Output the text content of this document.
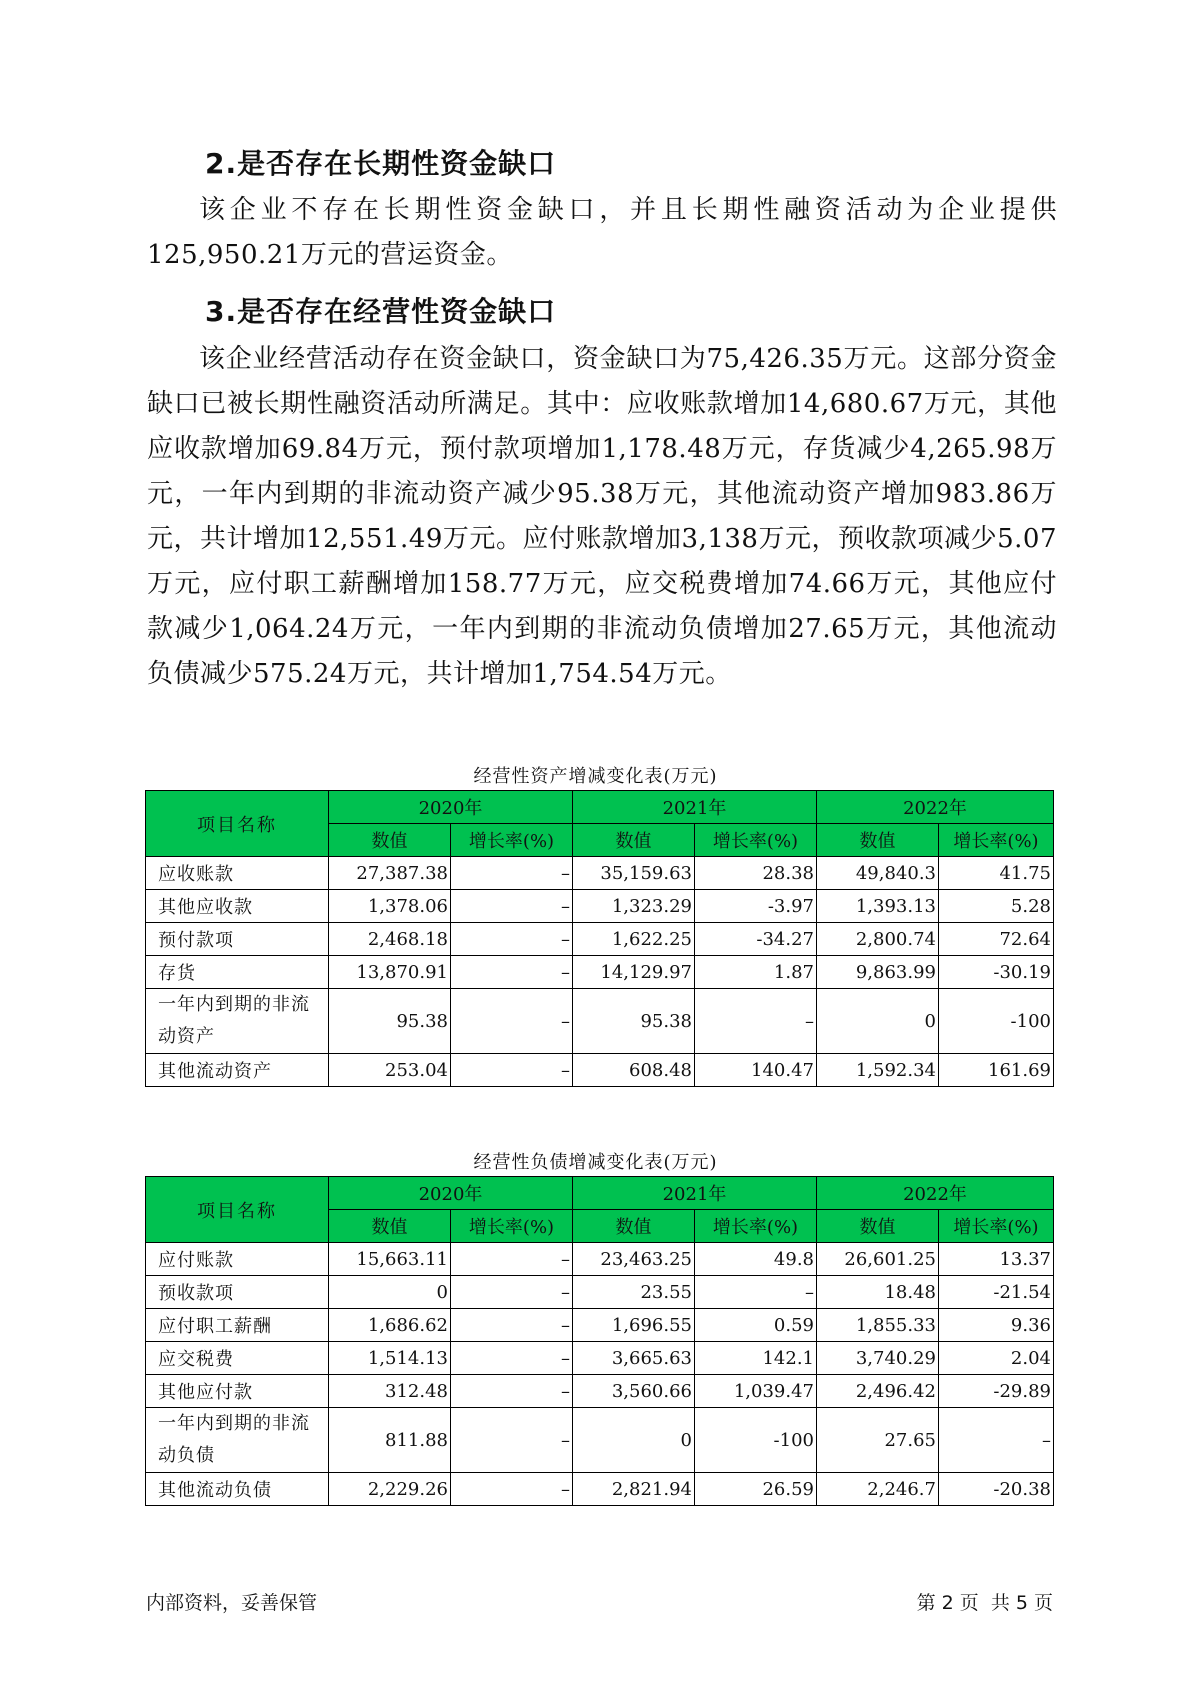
2.是否存在长期性资金缺口
该企业不存在长期性资金缺口，并且长期性融资活动为企业提供125,950.21万元的营运资金。
3.是否存在经营性资金缺口
该企业经营活动存在资金缺口，资金缺口为75,426.35万元。这部分资金缺口已被长期性融资活动所满足。其中：应收账款增加14,680.67万元，其他应收款增加69.84万元，预付款项增加1,178.48万元，存货减少4,265.98万元，一年内到期的非流动资产减少95.38万元，其他流动资产增加983.86万元，共计增加12,551.49万元。应付账款增加3,138万元，预收款项减少5.07万元，应付职工薪酬增加158.77万元，应交税费增加74.66万元，其他应付款减少1,064.24万元，一年内到期的非流动负债增加27.65万元，其他流动负债减少575.24万元，共计增加1,754.54万元。
经营性资产增减变化表(万元)
项目名称	2020年		2021年		2022年	
	数值	增长率(%)	数值	增长率(%)	数值	增长率(%)
应收账款	27,387.38	–	35,159.63	28.38	49,840.3	41.75
其他应收款	1,378.06	–	1,323.29	-3.97	1,393.13	5.28
预付款项	2,468.18	–	1,622.25	-34.27	2,800.74	72.64
存货	13,870.91	–	14,129.97	1.87	9,863.99	-30.19
一年内到期的非流动资产	95.38	–	95.38	–	0	-100
其他流动资产	253.04	–	608.48	140.47	1,592.34	161.69
经营性负债增减变化表(万元)
项目名称	2020年		2021年		2022年	
	数值	增长率(%)	数值	增长率(%)	数值	增长率(%)
应付账款	15,663.11	–	23,463.25	49.8	26,601.25	13.37
预收款项	0	–	23.55	–	18.48	-21.54
应付职工薪酬	1,686.62	–	1,696.55	0.59	1,855.33	9.36
应交税费	1,514.13	–	3,665.63	142.1	3,740.29	2.04
其他应付款	312.48	–	3,560.66	1,039.47	2,496.42	-29.89
一年内到期的非流动负债	811.88	–	0	-100	27.65	–
其他流动负债	2,229.26	–	2,821.94	26.59	2,246.7	-20.38
内部资料，妥善保管	第 2 页  共 5 页
